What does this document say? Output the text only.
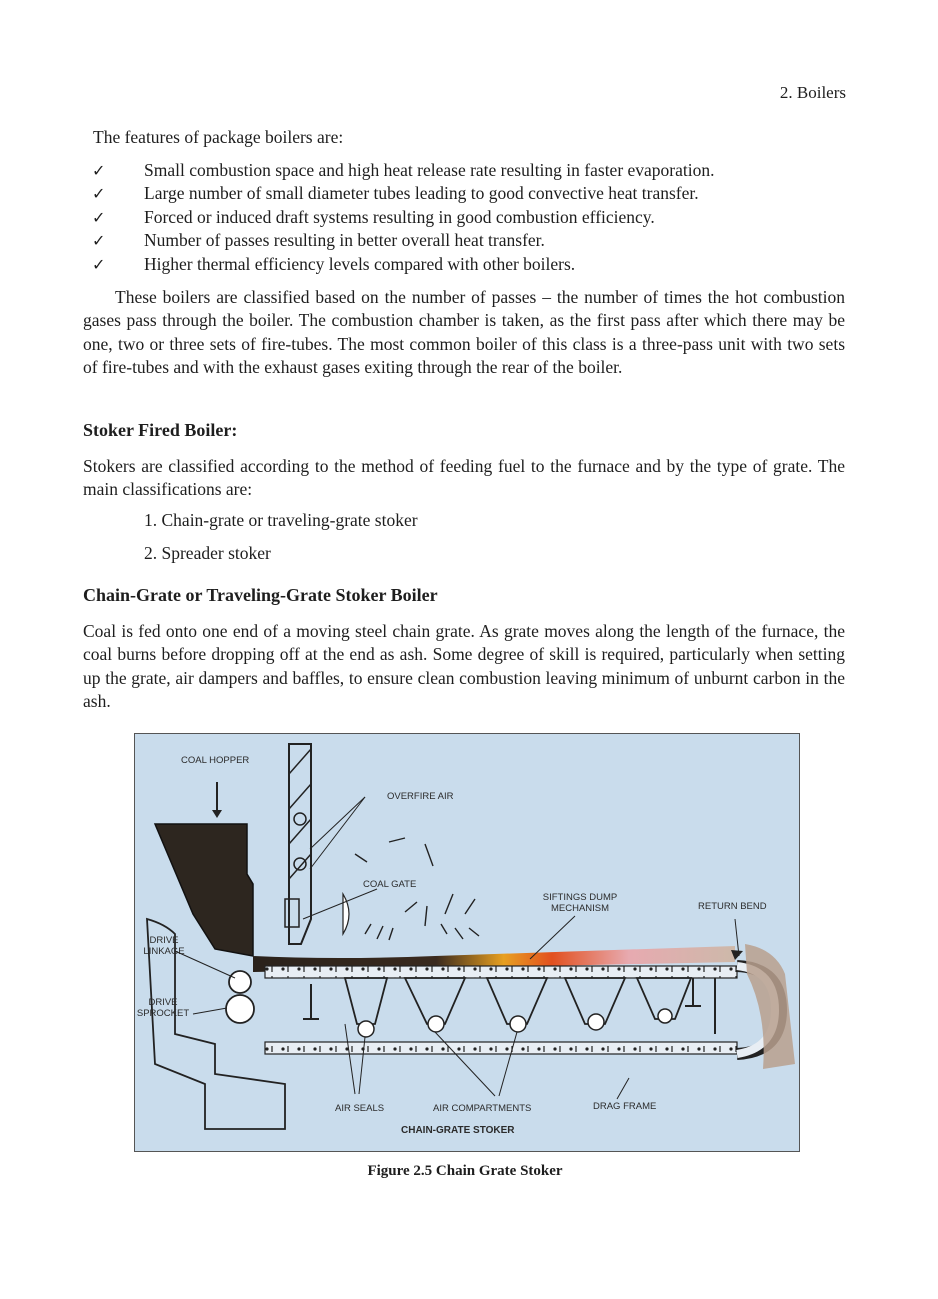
2. Boilers
The features of package boilers are:
✓ Small combustion space and high heat release rate resulting in faster evaporation.
✓ Large number of small diameter tubes leading to good convective heat transfer.
✓ Forced or induced draft systems resulting in good combustion efficiency.
✓ Number of passes resulting in better overall heat transfer.
✓ Higher thermal efficiency levels compared with other boilers.
These boilers are classified based on the number of passes – the number of times the hot combustion gases pass through the boiler. The combustion chamber is taken, as the first pass after which there may be one, two or three sets of fire-tubes. The most common boiler of this class is a three-pass unit with two sets of fire-tubes and with the exhaust gases exiting through the rear of the boiler.
Stoker Fired Boiler:
Stokers are classified according to the method of feeding fuel to the furnace and by the type of grate. The main classifications are:
1. Chain-grate or traveling-grate stoker
2. Spreader stoker
Chain-Grate or Traveling-Grate Stoker Boiler
Coal is fed onto one end of a moving steel chain grate. As grate moves along the length of the furnace, the coal burns before dropping off at the end as ash. Some degree of skill is required, particularly when setting up the grate, air dampers and baffles, to ensure clean combustion leaving minimum of unburnt carbon in the ash.
COAL HOPPER
OVERFIRE AIR
COAL GATE
SIFTINGS DUMP
MECHANISM	RETURN BEND
DRIVE
LINKAGE
DRIVE
SPROCKET
AIR SEALS	AIR COMPARTMENTS	DRAG FRAME
CHAIN-GRATE STOKER
Figure 2.5 Chain Grate Stoker
